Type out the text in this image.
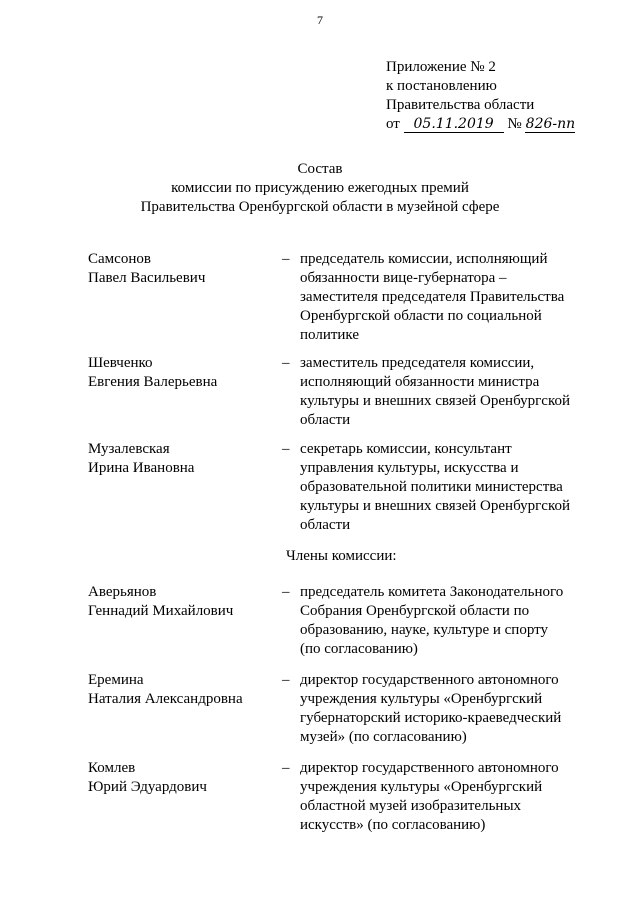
7
Приложение № 2
к постановлению
Правительства области
от 05.11.2019 № 826-пп
Состав
комиссии по присуждению ежегодных премий
Правительства Оренбургской области в музейной сфере
Самсонов
Павел Васильевич
– председатель комиссии, исполняющий
обязанности вице-губернатора –
заместителя председателя Правительства
Оренбургской области по социальной
политике
Шевченко
Евгения Валерьевна
– заместитель председателя комиссии,
исполняющий обязанности министра
культуры и внешних связей Оренбургской
области
Музалевская
Ирина Ивановна
– секретарь комиссии, консультант
управления культуры, искусства и
образовательной политики министерства
культуры и внешних связей Оренбургской
области
Члены комиссии:
Аверьянов
Геннадий Михайлович
– председатель комитета Законодательного
Собрания Оренбургской области по
образованию, науке, культуре и спорту
(по согласованию)
Еремина
Наталия Александровна
– директор государственного автономного
учреждения культуры «Оренбургский
губернаторский историко-краеведческий
музей» (по согласованию)
Комлев
Юрий Эдуардович
– директор государственного автономного
учреждения культуры «Оренбургский
областной музей изобразительных
искусств» (по согласованию)
